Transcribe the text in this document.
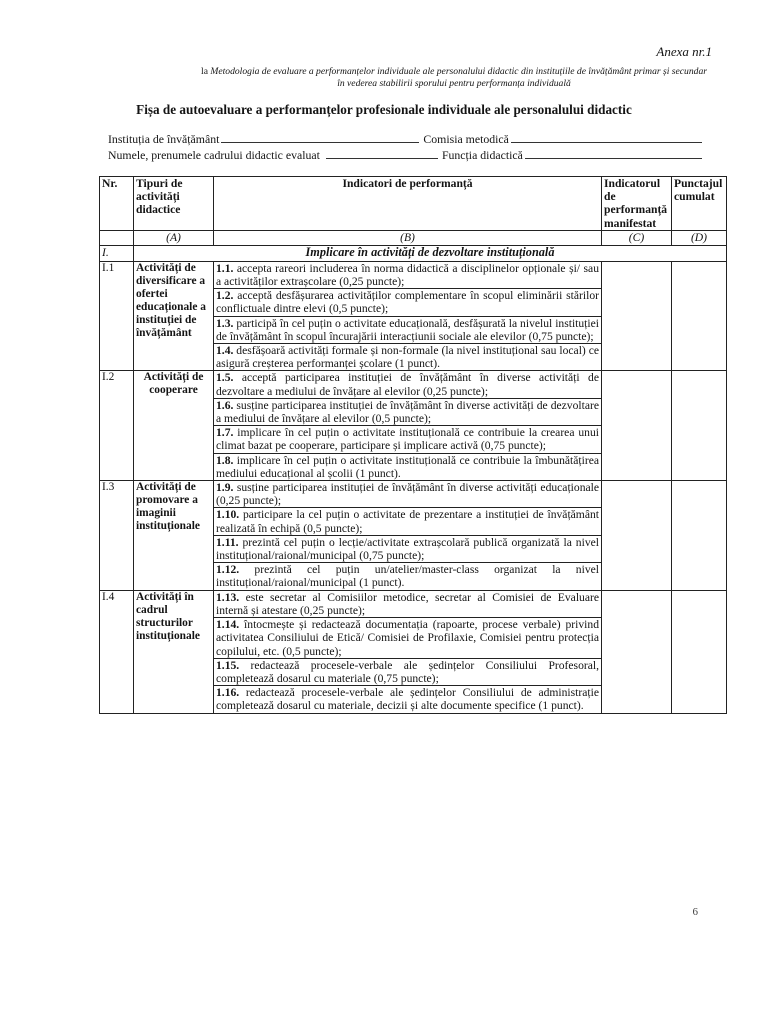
Anexa nr.1
la Metodologia de evaluare a performanțelor individuale ale personalului didactic din instituțiile de învățământ primar și secundar în vederea stabilirii sporului pentru performanța individuală
Fișa de autoevaluare a performanțelor profesionale individuale ale personalului didactic
Instituția de învățământ	Comisia metodică
Numele, prenumele cadrului didactic evaluat	Funcția didactică
Nr.	Tipuri de activități didactice	Indicatori de performanță	Indicatorul de performanță manifestat	Punctajul cumulat
	(A)	(B)	(C)	(D)
I.	Implicare în activități de dezvoltare instituțională			
I.1	Activități de diversificare a ofertei educaționale a instituției de învățământ	1.1. accepta rareori includerea în norma didactică a disciplinelor opționale și/ sau a activităților extrașcolare (0,25 puncte);		
		1.2. acceptă desfășurarea activităților complementare în scopul eliminării stărilor conflictuale dintre elevi (0,5 puncte);		
		1.3. participă în cel puțin o activitate educațională, desfășurată la nivelul instituției de învățământ în scopul încurajării interacțiunii sociale ale elevilor (0,75 puncte);		
		1.4. desfășoară activități formale și non-formale (la nivel instituțional sau local) ce asigură creșterea performanței școlare (1 punct).		
I.2	Activități de cooperare	1.5. acceptă participarea instituției de învățământ în diverse activități de dezvoltare a mediului de învățare al elevilor (0,25 puncte);		
		1.6. susține participarea instituției de învățământ în diverse activități de dezvoltare a mediului de învățare al elevilor (0,5 puncte);		
		1.7. implicare în cel puțin o activitate instituțională ce contribuie la crearea unui climat bazat pe cooperare, participare și implicare activă (0,75 puncte);		
		1.8. implicare în cel puțin o activitate instituțională ce contribuie la îmbunătățirea mediului educațional al școlii (1 punct).		
I.3	Activități de promovare a imaginii instituționale	1.9. susține participarea instituției de învățământ în diverse activități educaționale (0,25 puncte);		
		1.10. participare la cel puțin o activitate de prezentare a instituției de învățământ realizată în echipă (0,5 puncte);		
		1.11. prezintă cel puțin o lecție/activitate extrașcolară publică organizată la nivel instituțional/raional/municipal (0,75 puncte);		
		1.12. prezintă cel puțin un/atelier/master-class organizat la nivel instituțional/raional/municipal (1 punct).		
I.4	Activități în cadrul structurilor instituționale	1.13. este secretar al Comisiilor metodice, secretar al Comisiei de Evaluare internă și atestare (0,25 puncte);		
		1.14. întocmește și redactează documentația (rapoarte, procese verbale) privind activitatea Consiliului de Etică/ Comisiei de Profilaxie, Comisiei pentru protecția copilului, etc. (0,5 puncte);		
		1.15. redactează procesele-verbale ale ședințelor Consiliului Profesoral, completează dosarul cu materiale (0,75 puncte);		
		1.16. redactează procesele-verbale ale ședințelor Consiliului de administrație completează dosarul cu materiale, decizii și alte documente specifice (1 punct).		
6
